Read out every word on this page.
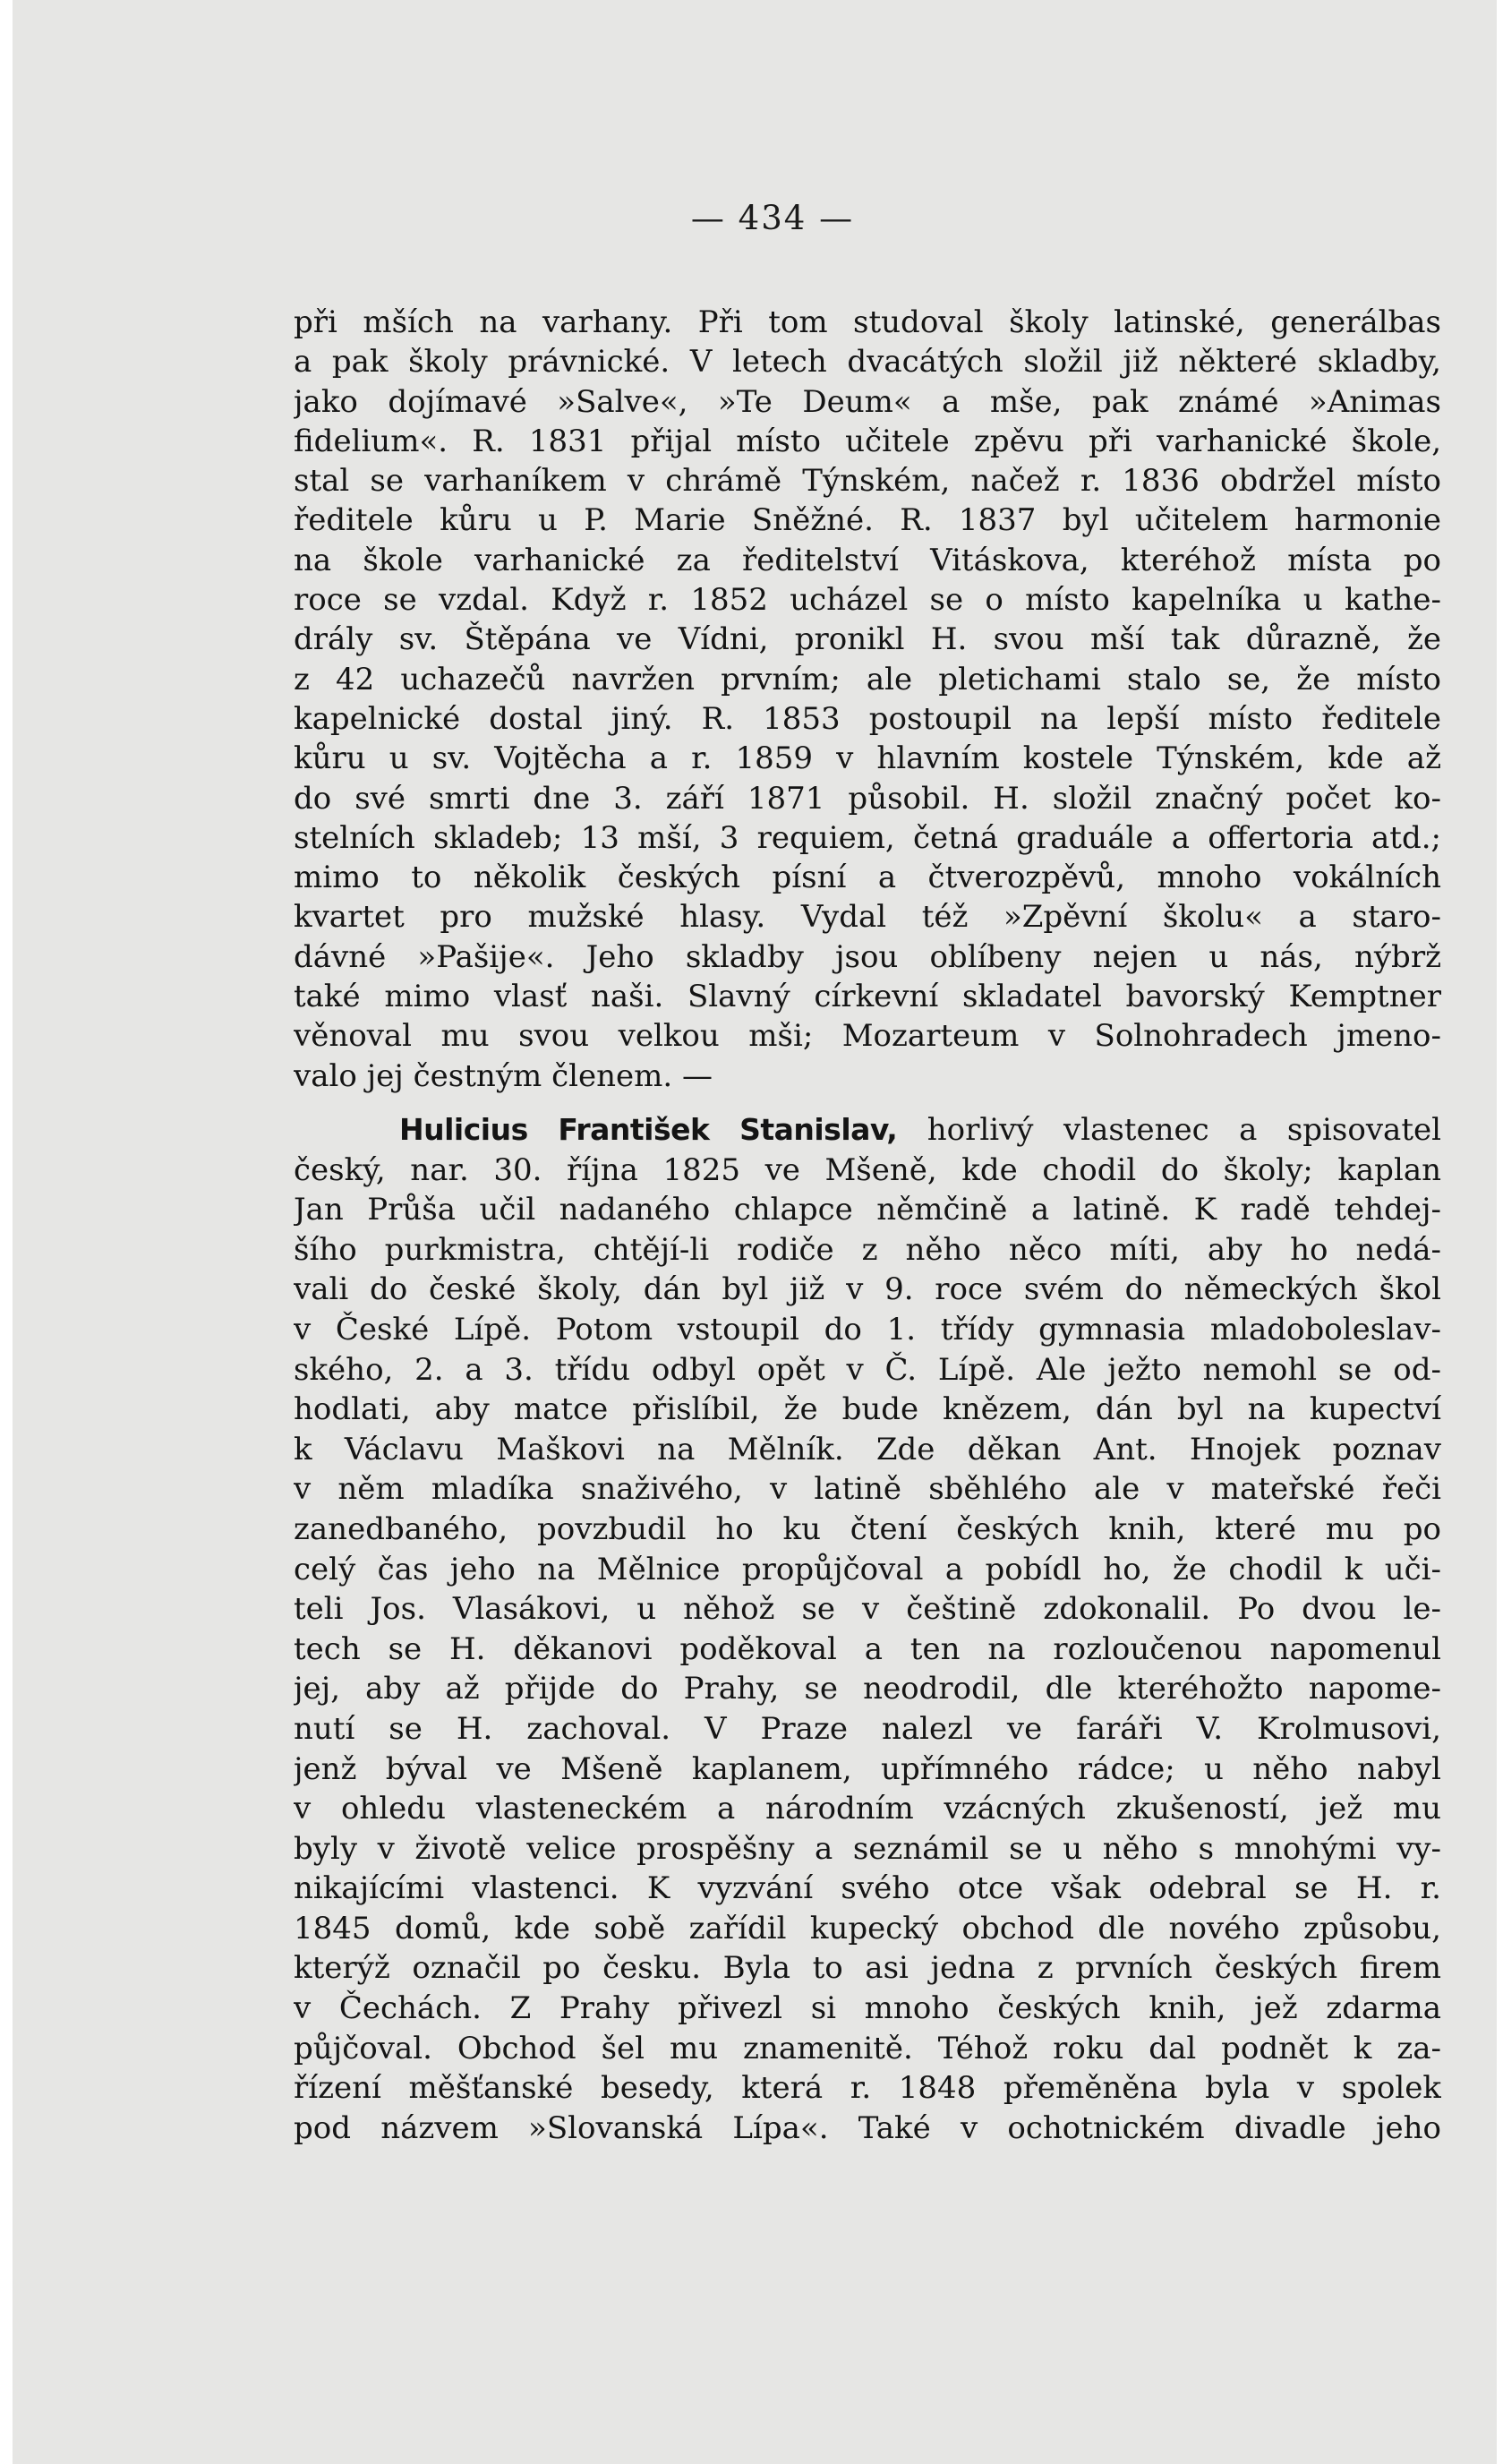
— 434 —
při mších na varhany. Při tom studoval školy latinské, generálbas
a pak školy právnické. V letech dvacátých složil již některé skladby,
jako dojímavé »Salve«, »Te Deum« a mše, pak známé »Animas
fidelium«. R. 1831 přijal místo učitele zpěvu při varhanické škole,
stal se varhaníkem v chrámě Týnském, načež r. 1836 obdržel místo
ředitele kůru u P. Marie Sněžné. R. 1837 byl učitelem harmonie
na škole varhanické za ředitelství Vitáskova, kteréhož místa po
roce se vzdal. Když r. 1852 ucházel se o místo kapelníka u kathe-
drály sv. Štěpána ve Vídni, pronikl H. svou mší tak důrazně, že
z 42 uchazečů navržen prvním; ale pletichami stalo se, že místo
kapelnické dostal jiný. R. 1853 postoupil na lepší místo ředitele
kůru u sv. Vojtěcha a r. 1859 v hlavním kostele Týnském, kde až
do své smrti dne 3. září 1871 působil. H. složil značný počet ko-
stelních skladeb; 13 mší, 3 requiem, četná graduále a offertoria atd.;
mimo to několik českých písní a čtverozpěvů, mnoho vokálních
kvartet pro mužské hlasy. Vydal též »Zpěvní školu« a staro-
dávné »Pašije«. Jeho skladby jsou oblíbeny nejen u nás, nýbrž
také mimo vlasť naši. Slavný církevní skladatel bavorský Kemptner
věnoval mu svou velkou mši; Mozarteum v Solnohradech jmeno-
valo jej čestným členem. —
Hulicius František Stanislav, horlivý vlastenec a spisovatel
český, nar. 30. října 1825 ve Mšeně, kde chodil do školy; kaplan
Jan Průša učil nadaného chlapce němčině a latině. K radě tehdej-
šího purkmistra, chtějí-li rodiče z něho něco míti, aby ho nedá-
vali do české školy, dán byl již v 9. roce svém do německých škol
v České Lípě. Potom vstoupil do 1. třídy gymnasia mladoboleslav-
ského, 2. a 3. třídu odbyl opět v Č. Lípě. Ale ježto nemohl se od-
hodlati, aby matce přislíbil, že bude knězem, dán byl na kupectví
k Václavu Maškovi na Mělník. Zde děkan Ant. Hnojek poznav
v něm mladíka snaživého, v latině sběhlého ale v mateřské řeči
zanedbaného, povzbudil ho ku čtení českých knih, které mu po
celý čas jeho na Mělnice propůjčoval a pobídl ho, že chodil k uči-
teli Jos. Vlasákovi, u něhož se v češtině zdokonalil. Po dvou le-
tech se H. děkanovi poděkoval a ten na rozloučenou napomenul
jej, aby až přijde do Prahy, se neodrodil, dle kteréhožto napome-
nutí se H. zachoval. V Praze nalezl ve faráři V. Krolmusovi,
jenž býval ve Mšeně kaplanem, upřímného rádce; u něho nabyl
v ohledu vlasteneckém a národním vzácných zkušeností, jež mu
byly v životě velice prospěšny a seznámil se u něho s mnohými vy-
nikajícími vlastenci. K vyzvání svého otce však odebral se H. r.
1845 domů, kde sobě zařídil kupecký obchod dle nového způsobu,
kterýž označil po česku. Byla to asi jedna z prvních českých firem
v Čechách. Z Prahy přivezl si mnoho českých knih, jež zdarma
půjčoval. Obchod šel mu znamenitě. Téhož roku dal podnět k za-
řízení měšťanské besedy, která r. 1848 přeměněna byla v spolek
pod názvem »Slovanská Lípa«. Také v ochotnickém divadle jeho
